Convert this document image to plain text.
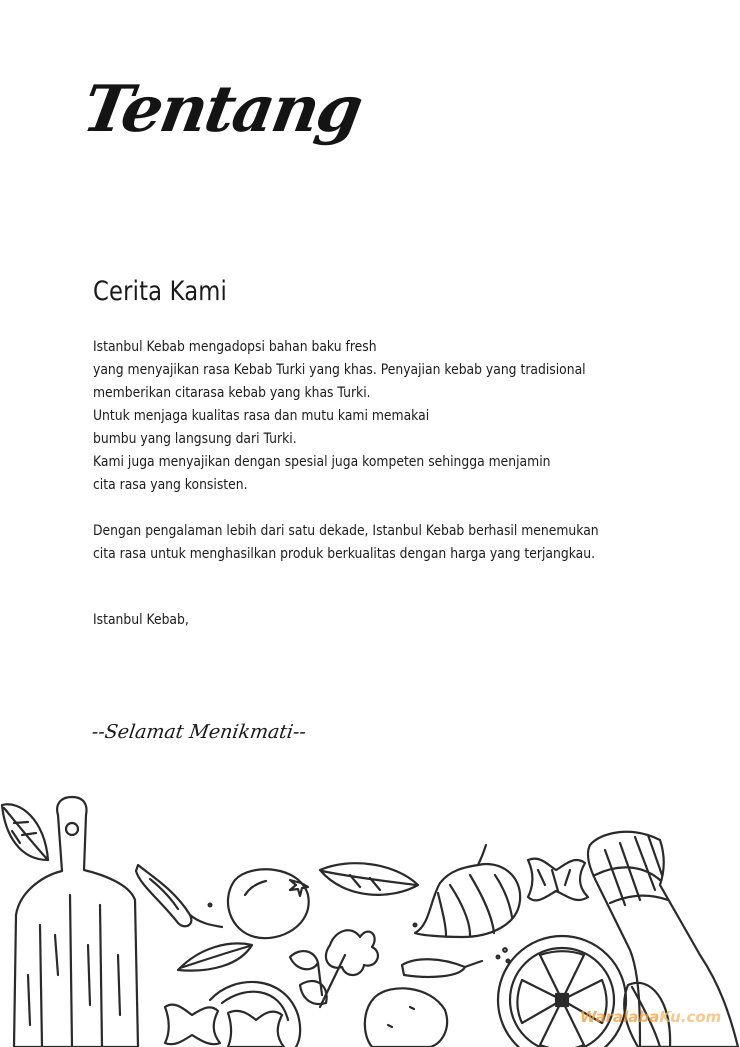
Tentang
Cerita Kami
Istanbul Kebab mengadopsi bahan baku fresh
yang menyajikan rasa Kebab Turki yang khas. Penyajian kebab yang tradisional
memberikan citarasa kebab yang khas Turki.
Untuk menjaga kualitas rasa dan mutu kami memakai
bumbu yang langsung dari Turki.
Kami juga menyajikan dengan spesial juga kompeten sehingga menjamin
cita rasa yang konsisten.
Dengan pengalaman lebih dari satu dekade, Istanbul Kebab berhasil menemukan
cita rasa untuk menghasilkan produk berkualitas dengan harga yang terjangkau.
Istanbul Kebab,
--Selamat Menikmati--
WaralabaKu.com
